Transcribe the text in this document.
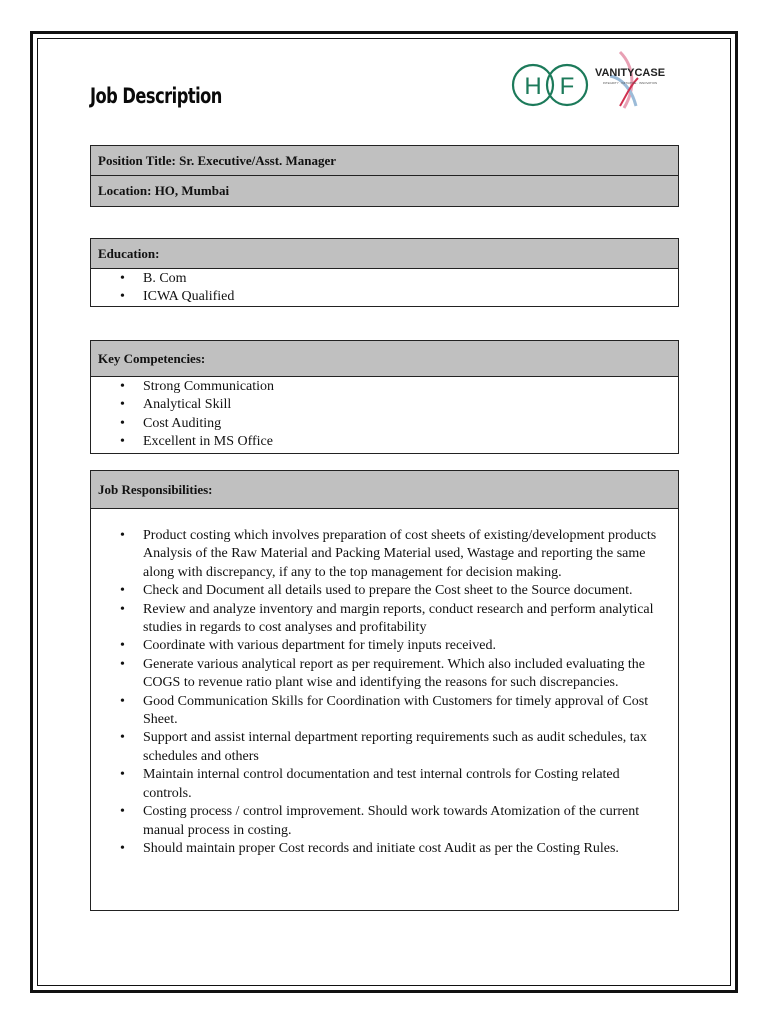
Job Description	H F VANITYCASE
INTEGRITY · INITIATIVE · INNOVATION
Position Title: Sr. Executive/Asst. Manager
Location: HO, Mumbai
Education:
• B. Com
• ICWA Qualified
Key Competencies:
• Strong Communication
• Analytical Skill
• Cost Auditing
• Excellent in MS Office
Job Responsibilities:
• Product costing which involves preparation of cost sheets of existing/development products Analysis of the Raw Material and Packing Material used, Wastage and reporting the same along with discrepancy, if any to the top management for decision making.
• Check and Document all details used to prepare the Cost sheet to the Source document.
• Review and analyze inventory and margin reports, conduct research and perform analytical studies in regards to cost analyses and profitability
• Coordinate with various department for timely inputs received.
• Generate various analytical report as per requirement. Which also included evaluating the COGS to revenue ratio plant wise and identifying the reasons for such discrepancies.
• Good Communication Skills for Coordination with Customers for timely approval of Cost Sheet.
• Support and assist internal department reporting requirements such as audit schedules, tax schedules and others
• Maintain internal control documentation and test internal controls for Costing related controls.
• Costing process / control improvement. Should work towards Atomization of the current manual process in costing.
• Should maintain proper Cost records and initiate cost Audit as per the Costing Rules.
